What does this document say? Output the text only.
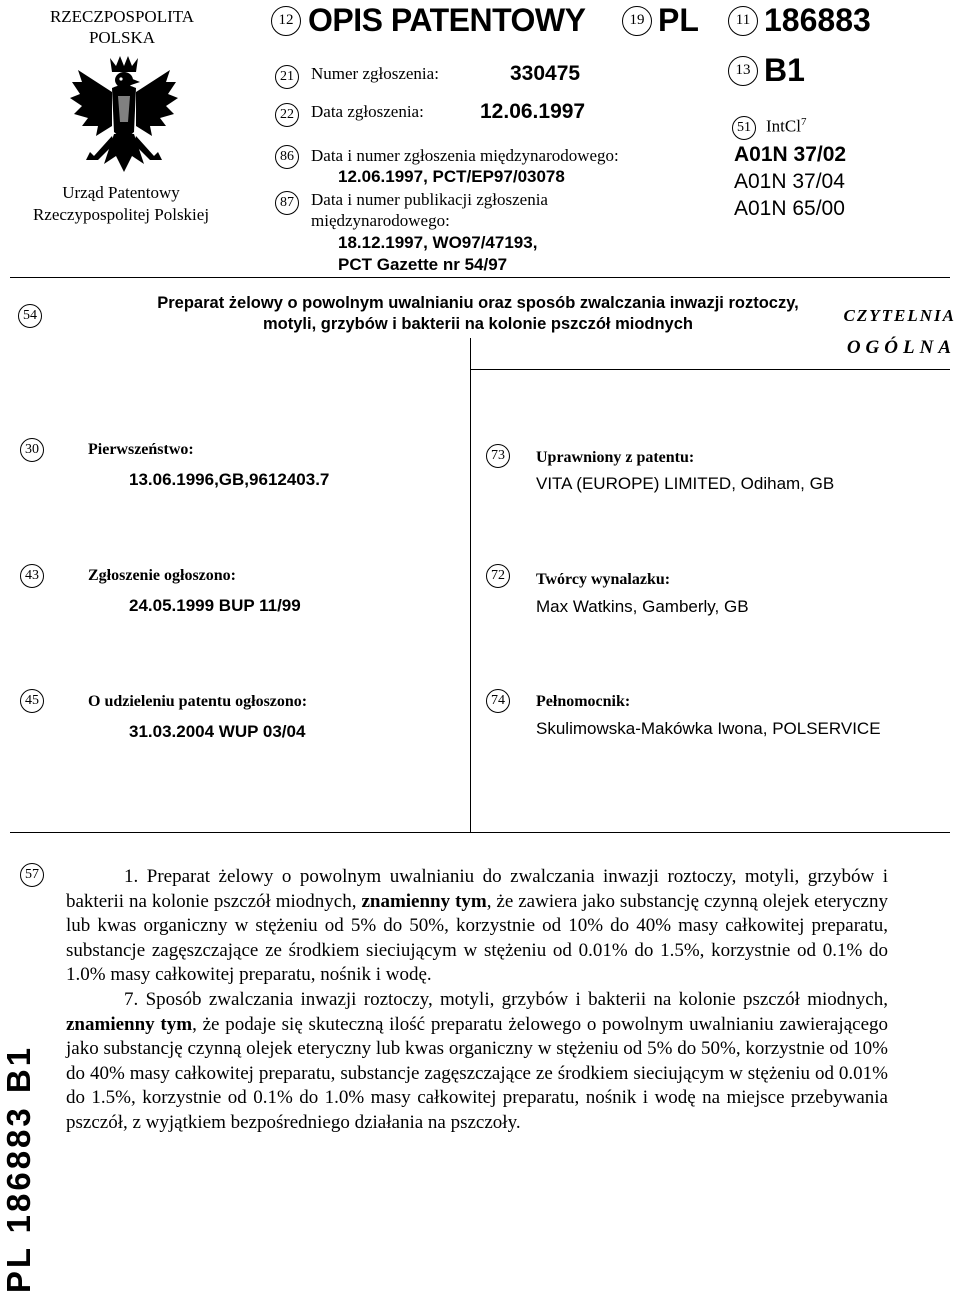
RZECZPOSPOLITA
POLSKA
Urząd Patentowy
Rzeczypospolitej Polskiej
12 OPIS PATENTOWY	19 PL
21 Numer zgłoszenia:	330475
22 Data zgłoszenia:	12.06.1997
86 Data i numer zgłoszenia międzynarodowego:
12.06.1997, PCT/EP97/03078
87 Data i numer publikacji zgłoszenia
międzynarodowego:
18.12.1997, WO97/47193,
PCT Gazette nr 54/97
11 186883
13 B1
51 IntCl$^7$
A01N 37/02
A01N 37/04
A01N 65/00
54
Preparat żelowy o powolnym uwalnianiu oraz sposób zwalczania inwazji roztoczy,
motyli, grzybów i bakterii na kolonie pszczół miodnych	CZYTELNIA
OGÓLNA
30	Pierwszeństwo:
13.06.1996,GB,9612403.7
43	Zgłoszenie ogłoszono:
24.05.1999 BUP 11/99
45	O udzieleniu patentu ogłoszono:
31.03.2004 WUP 03/04
73	Uprawniony z patentu:
VITA (EUROPE) LIMITED, Odiham, GB
72	Twórcy wynalazku:
Max Watkins, Gamberly, GB
74	Pełnomocnik:
Skulimowska-Makówka Iwona, POLSERVICE
57	1. Preparat żelowy o powolnym uwalnianiu do zwalczania inwazji roztoczy, motyli, grzybów i bakterii na kolonie pszczół miodnych, znamienny tym, że zawiera jako substancję czynną olejek eteryczny lub kwas organiczny w stężeniu od 5% do 50%, korzystnie od 10% do 40% masy całkowitej preparatu, substancje zagęszczające ze środkiem sieciującym w stężeniu od 0.01% do 1.5%, korzystnie od 0.1% do 1.0% masy całkowitej preparatu, nośnik i wodę.

7. Sposób zwalczania inwazji roztoczy, motyli, grzybów i bakterii na kolonie pszczół miodnych, znamienny tym, że podaje się skuteczną ilość preparatu żelowego o powolnym uwalnianiu zawierającego jako substancję czynną olejek eteryczny lub kwas organiczny w stężeniu od 5% do 50%, korzystnie od 10% do 40% masy całkowitej preparatu, substancje zagęszczające ze środkiem sieciującym w stężeniu od 0.01% do 1.5%, korzystnie od 0.1% do 1.0% masy całkowitej preparatu, nośnik i wodę na miejsce przebywania pszczół, z wyjątkiem bezpośredniego działania na pszczoły.

PL 186883 B1
